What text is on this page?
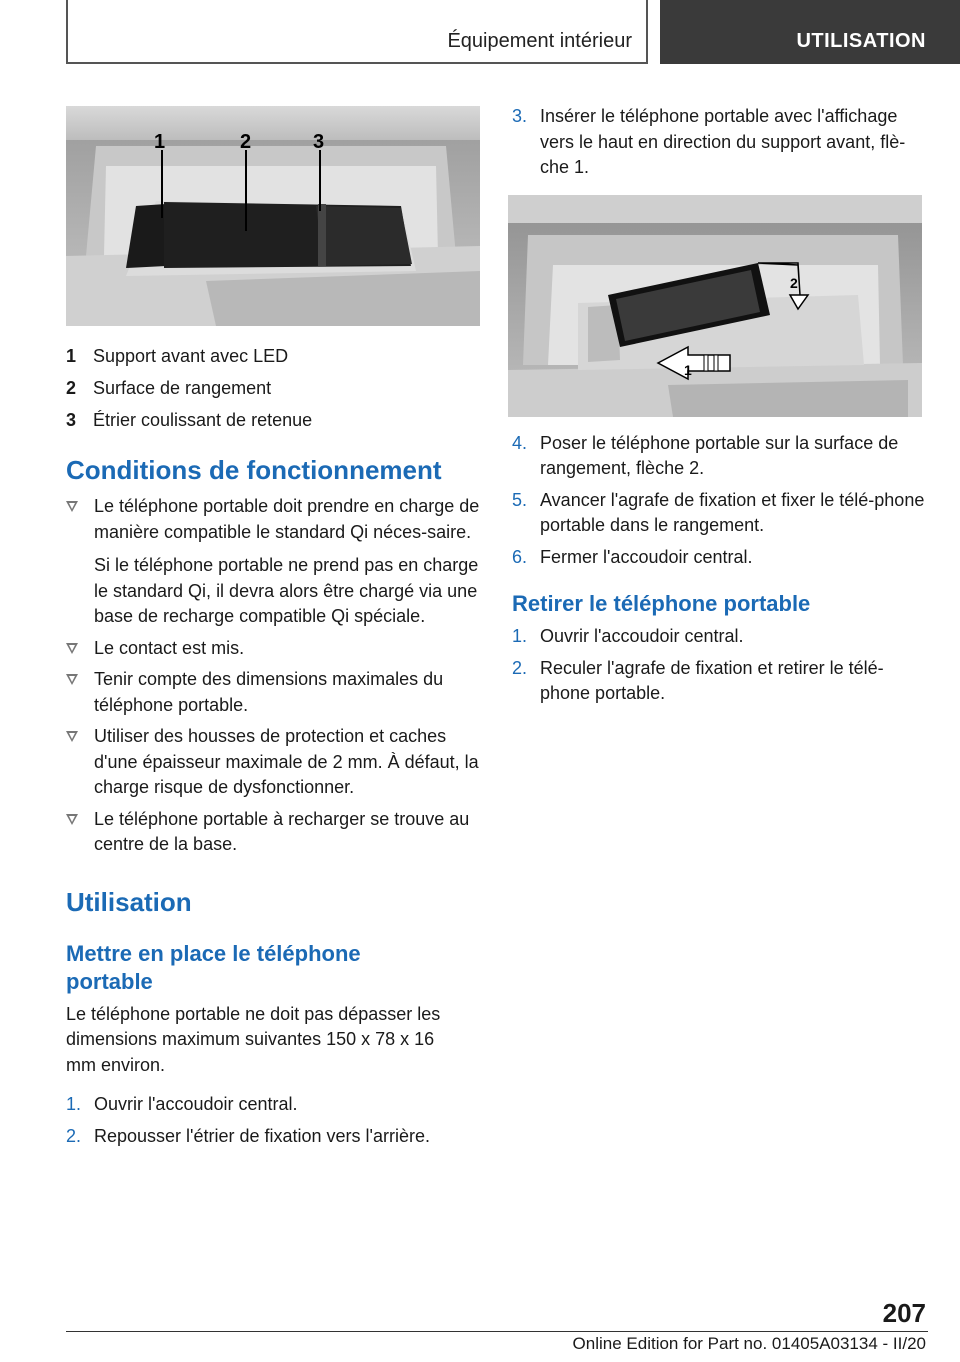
Équipement intérieur	UTILISATION
1	2	3
1 Support avant avec LED
2 Surface de rangement
3 Étrier coulissant de retenue
Conditions de fonctionnement

Le téléphone portable doit prendre en charge de manière compatible le standard Qi néces-saire.

Si le téléphone portable ne prend pas en charge le standard Qi, il devra alors être chargé via une base de recharge compatible Qi spéciale.

Le contact est mis.

Tenir compte des dimensions maximales du téléphone portable.

Utiliser des housses de protection et caches d'une épaisseur maximale de 2 mm. À défaut, la charge risque de dysfonctionner.

Le téléphone portable à recharger se trouve au centre de la base.

Utilisation
Mettre en place le téléphone portable

Le téléphone portable ne doit pas dépasser les dimensions maximum suivantes 150 x 78 x 16 mm environ.

1. Ouvrir l'accoudoir central.
2. Repousser l'étrier de fixation vers l'arrière.
3. Insérer le téléphone portable avec l'affichage vers le haut en direction du support avant, flè-che 1.
1
2
4. Poser le téléphone portable sur la surface de rangement, flèche 2.
5. Avancer l'agrafe de fixation et fixer le télé-phone portable dans le rangement.
6. Fermer l'accoudoir central.
Retirer le téléphone portable
1. Ouvrir l'accoudoir central.
2. Reculer l'agrafe de fixation et retirer le télé-phone portable.
207
Online Edition for Part no. 01405A03134 - II/20
